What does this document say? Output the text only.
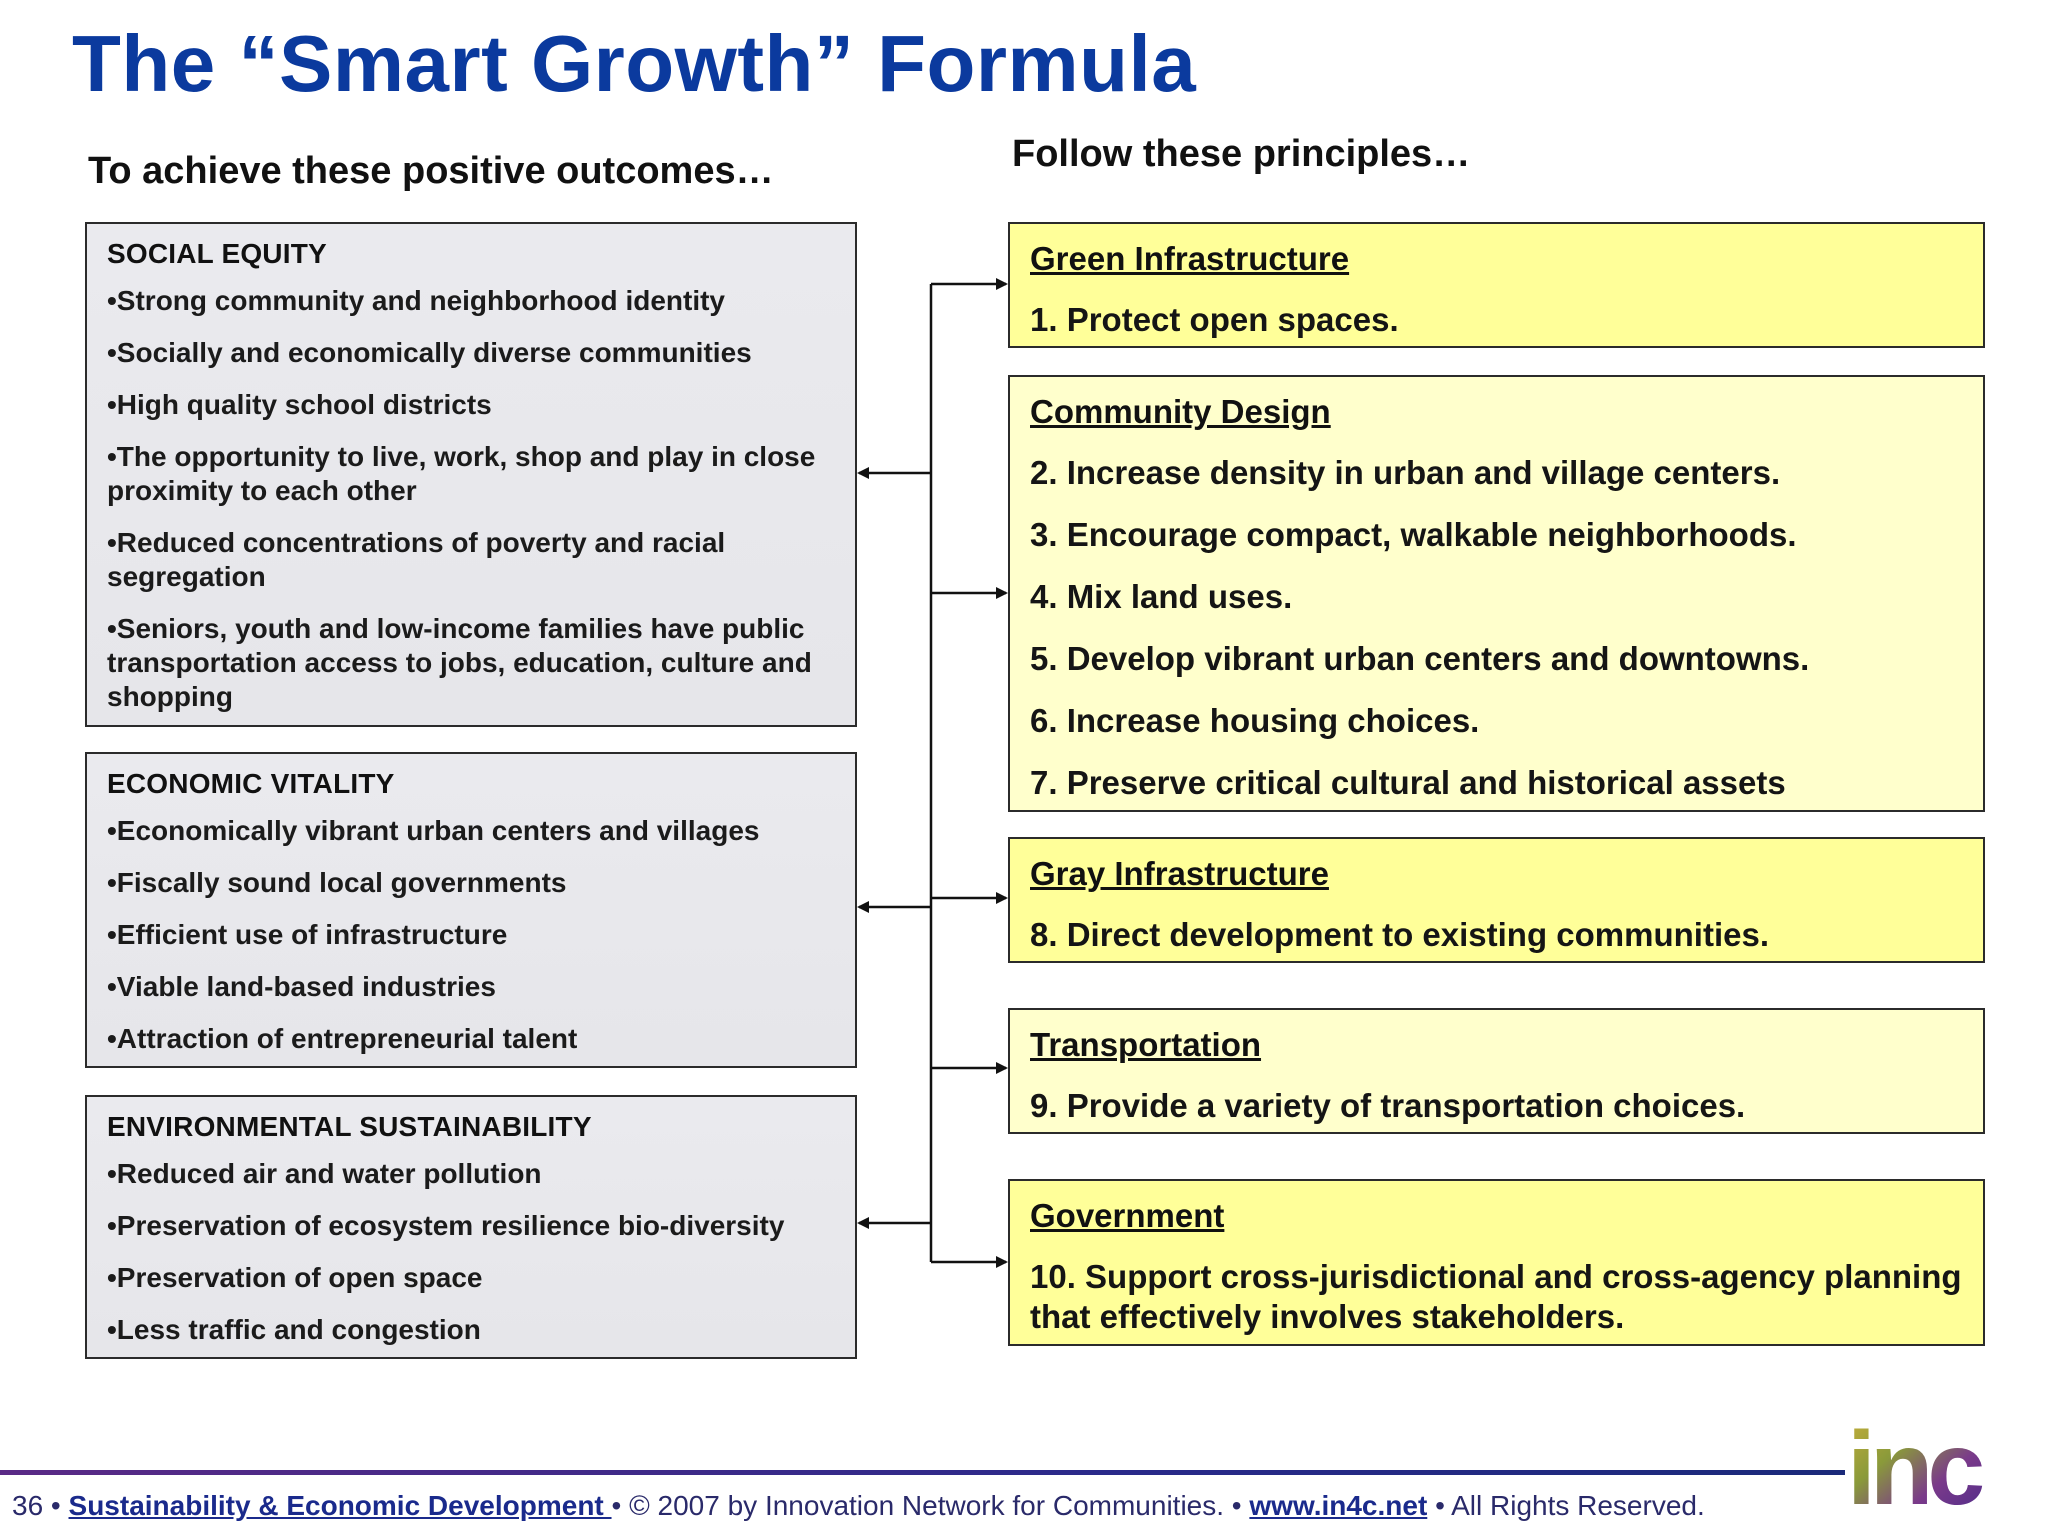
The “Smart Growth” Formula
To achieve these positive outcomes…	Follow these principles…
SOCIAL EQUITY
•Strong community and neighborhood identity
•Socially and economically diverse communities
•High quality school districts
•The opportunity to live, work, shop and play in close proximity to each other
•Reduced concentrations of poverty and racial segregation
•Seniors, youth and low-income families have public transportation access to jobs, education, culture and shopping
ECONOMIC VITALITY
•Economically vibrant urban centers and villages
•Fiscally sound local governments
•Efficient use of infrastructure
•Viable land-based industries
•Attraction of entrepreneurial talent
ENVIRONMENTAL SUSTAINABILITY
•Reduced air and water pollution
•Preservation of ecosystem resilience bio-diversity
•Preservation of open space
•Less traffic and congestion
Green Infrastructure
1. Protect open spaces.
Community Design
2. Increase density in urban and village centers.
3. Encourage compact, walkable neighborhoods.
4. Mix land uses.
5. Develop vibrant urban centers and downtowns.
6. Increase housing choices.
7. Preserve critical cultural and historical assets
Gray Infrastructure
8. Direct development to existing communities.
Transportation
9. Provide a variety of transportation choices.
Government
10. Support cross-jurisdictional and cross-agency planning that effectively involves stakeholders.
36 • Sustainability & Economic Development • © 2007 by Innovation Network for Communities. • www.in4c.net • All Rights Reserved. inc
